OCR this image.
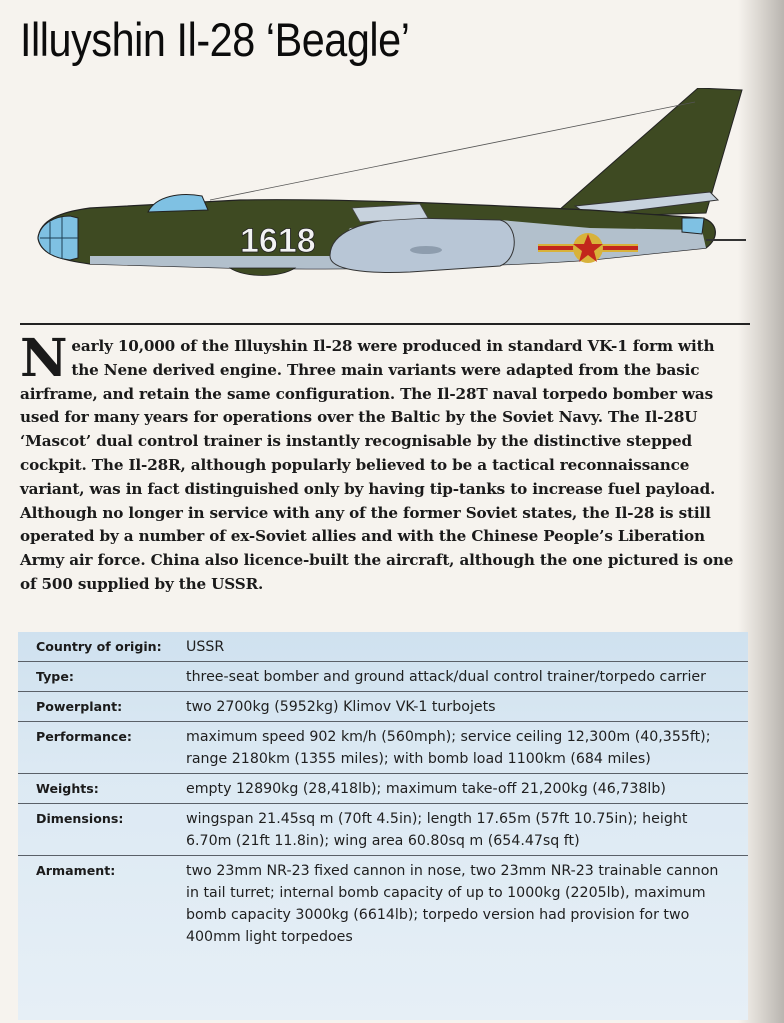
Illuyshin Il-28 ‘Beagle’
1618

Nearly 10,000 of the Illuyshin Il-28 were produced in standard VK-1 form with the Nene derived engine. Three main variants were adapted from the basic airframe, and retain the same configuration. The Il-28T naval torpedo bomber was used for many years for operations over the Baltic by the Soviet Navy. The Il-28U ‘Mascot’ dual control trainer is instantly recognisable by the distinctive stepped cockpit. The Il-28R, although popularly believed to be a tactical reconnaissance variant, was in fact distinguished only by having tip-tanks to increase fuel payload. Although no longer in service with any of the former Soviet states, the Il-28 is still operated by a number of ex-Soviet allies and with the Chinese People’s Liberation Army air force. China also licence-built the aircraft, although the one pictured is one of 500 supplied by the USSR.

Country of origin:	USSR
Type:	three-seat bomber and ground attack/dual control trainer/torpedo carrier
Powerplant:	two 2700kg (5952kg) Klimov VK-1 turbojets
Performance:	maximum speed 902 km/h (560mph); service ceiling 12,300m (40,355ft); range 2180km (1355 miles); with bomb load 1100km (684 miles)
Weights:	empty 12890kg (28,418lb); maximum take-off 21,200kg (46,738lb)
Dimensions:	wingspan 21.45sq m (70ft 4.5in); length 17.65m (57ft 10.75in); height 6.70m (21ft 11.8in); wing area 60.80sq m (654.47sq ft)
Armament:	two 23mm NR-23 fixed cannon in nose, two 23mm NR-23 trainable cannon in tail turret; internal bomb capacity of up to 1000kg (2205lb), maximum bomb capacity 3000kg (6614lb); torpedo version had provision for two 400mm light torpedoes
